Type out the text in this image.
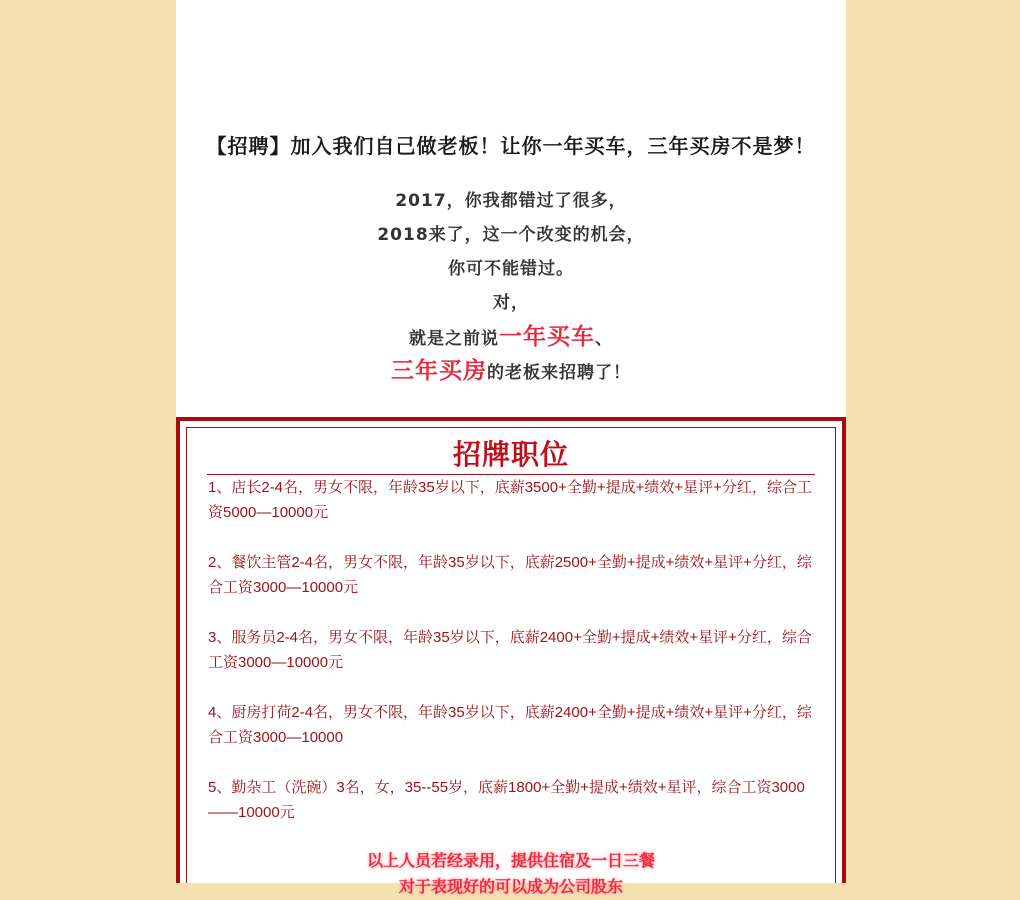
【招聘】加入我们自己做老板！让你一年买车，三年买房不是梦！
2017，你我都错过了很多，
2018来了，这一个改变的机会，
你可不能错过。
对，
就是之前说一年买车、
三年买房的老板来招聘了！
招牌职位
1、店长2-4名，男女不限，年龄35岁以下，底薪3500+全勤+提成+绩效+星评+分红，综合工资5000—10000元
2、餐饮主管2-4名，男女不限，年龄35岁以下，底薪2500+全勤+提成+绩效+星评+分红，综合工资3000—10000元
3、服务员2-4名，男女不限，年龄35岁以下，底薪2400+全勤+提成+绩效+星评+分红，综合工资3000—10000元
4、厨房打荷2-4名，男女不限，年龄35岁以下，底薪2400+全勤+提成+绩效+星评+分红，综合工资3000—10000
5、勤杂工（洗碗）3名，女，35--55岁，底薪1800+全勤+提成+绩效+星评，综合工资3000——10000元
以上人员若经录用，提供住宿及一日三餐
对于表现好的可以成为公司股东
